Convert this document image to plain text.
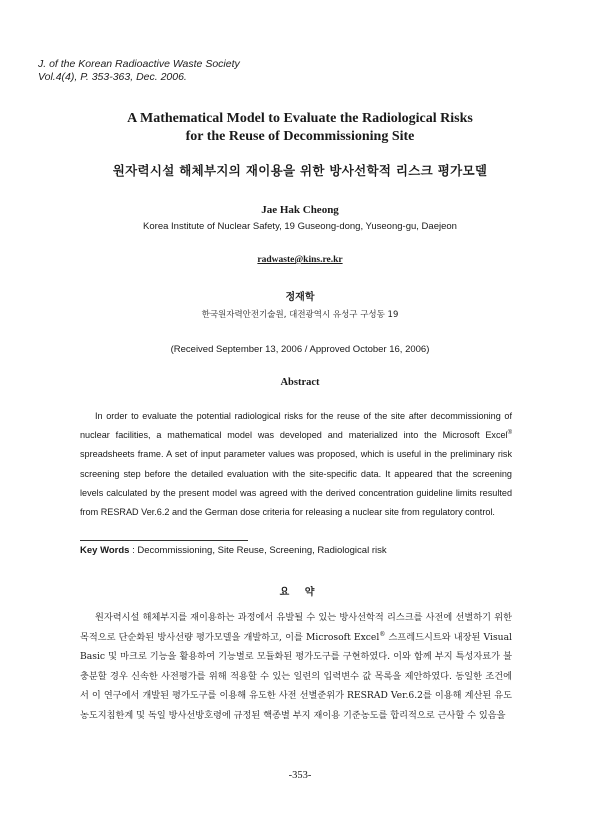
J. of the Korean Radioactive Waste Society
Vol.4(4), P. 353-363, Dec. 2006.
A Mathematical Model to Evaluate the Radiological Risks
for the Reuse of Decommissioning Site
원자력시설 해체부지의 재이용을 위한 방사선학적 리스크 평가모델
Jae Hak Cheong
Korea Institute of Nuclear Safety, 19 Guseong-dong, Yuseong-gu, Daejeon
radwaste@kins.re.kr
정재학
한국원자력안전기술원, 대전광역시 유성구 구성동 19
(Received September 13, 2006 / Approved October 16, 2006)
Abstract

In order to evaluate the potential radiological risks for the reuse of the site after decommissioning of nuclear facilities, a mathematical model was developed and materialized into the Microsoft Excel® spreadsheets frame. A set of input parameter values was proposed, which is useful in the preliminary risk screening step before the detailed evaluation with the site-specific data. It appeared that the screening levels calculated by the present model was agreed with the derived concentration guideline limits resulted from RESRAD Ver.6.2 and the German dose criteria for releasing a nuclear site from regulatory control.

Key Words : Decommissioning, Site Reuse, Screening, Radiological risk
요 약

원자력시설 해체부지를 재이용하는 과정에서 유발될 수 있는 방사선학적 리스크를 사전에 선별하기 위한 목적으로 단순화된 방사선량 평가모델을 개발하고, 이를 Microsoft Excel® 스프레드시트와 내장된 Visual Basic 및 마크로 기능을 활용하여 기능별로 모듈화된 평가도구를 구현하였다. 이와 함께 부지 특성자료가 불충분할 경우 신속한 사전평가를 위해 적용할 수 있는 일련의 입력변수 값 목록을 제안하였다. 동일한 조건에서 이 연구에서 개발된 평가도구를 이용해 유도한 사전 선별준위가 RESRAD Ver.6.2를 이용해 계산된 유도농도지침한계 및 독일 방사선방호령에 규정된 핵종별 부지 재이용 기준농도를 합리적으로 근사할 수 있음을

-353-
